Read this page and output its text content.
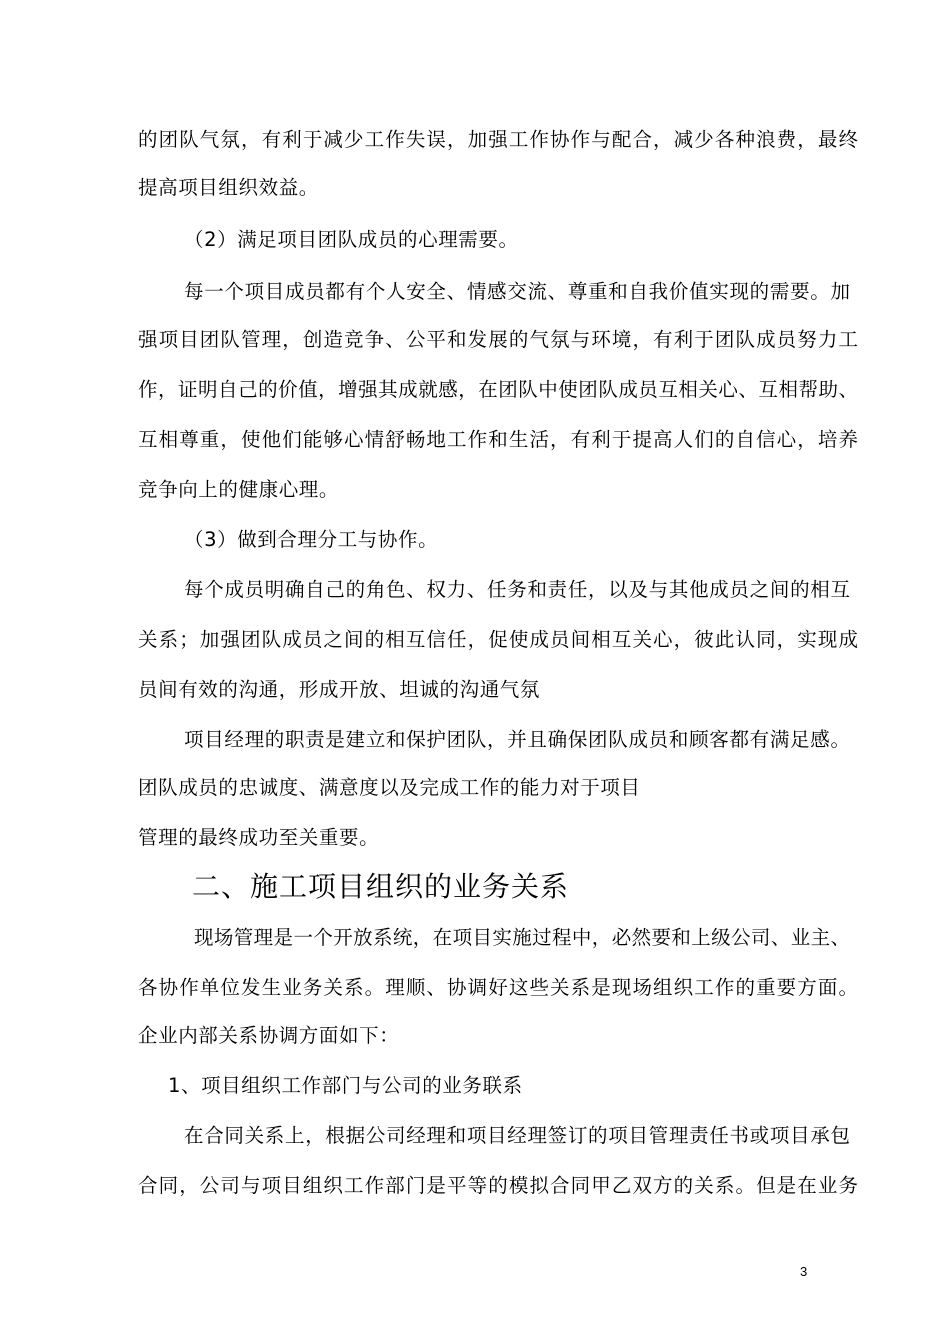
的团队气氛，有利于减少工作失误，加强工作协作与配合，减少各种浪费，最终
提高项目组织效益。
（2）满足项目团队成员的心理需要。
每一个项目成员都有个人安全、情感交流、尊重和自我价值实现的需要。加
强项目团队管理，创造竞争、公平和发展的气氛与环境，有利于团队成员努力工
作，证明自己的价值，增强其成就感，在团队中使团队成员互相关心、互相帮助、
互相尊重，使他们能够心情舒畅地工作和生活，有利于提高人们的自信心，培养
竞争向上的健康心理。
（3）做到合理分工与协作。
每个成员明确自己的角色、权力、任务和责任，以及与其他成员之间的相互
关系；加强团队成员之间的相互信任，促使成员间相互关心，彼此认同，实现成
员间有效的沟通，形成开放、坦诚的沟通气氛
项目经理的职责是建立和保护团队，并且确保团队成员和顾客都有满足感。
团队成员的忠诚度、满意度以及完成工作的能力对于项目
管理的最终成功至关重要。
二、施工项目组织的业务关系
现场管理是一个开放系统，在项目实施过程中，必然要和上级公司、业主、
各协作单位发生业务关系。理顺、协调好这些关系是现场组织工作的重要方面。
企业内部关系协调方面如下：
1、项目组织工作部门与公司的业务联系
在合同关系上，根据公司经理和项目经理签订的项目管理责任书或项目承包
合同，公司与项目组织工作部门是平等的模拟合同甲乙双方的关系。但是在业务
3
